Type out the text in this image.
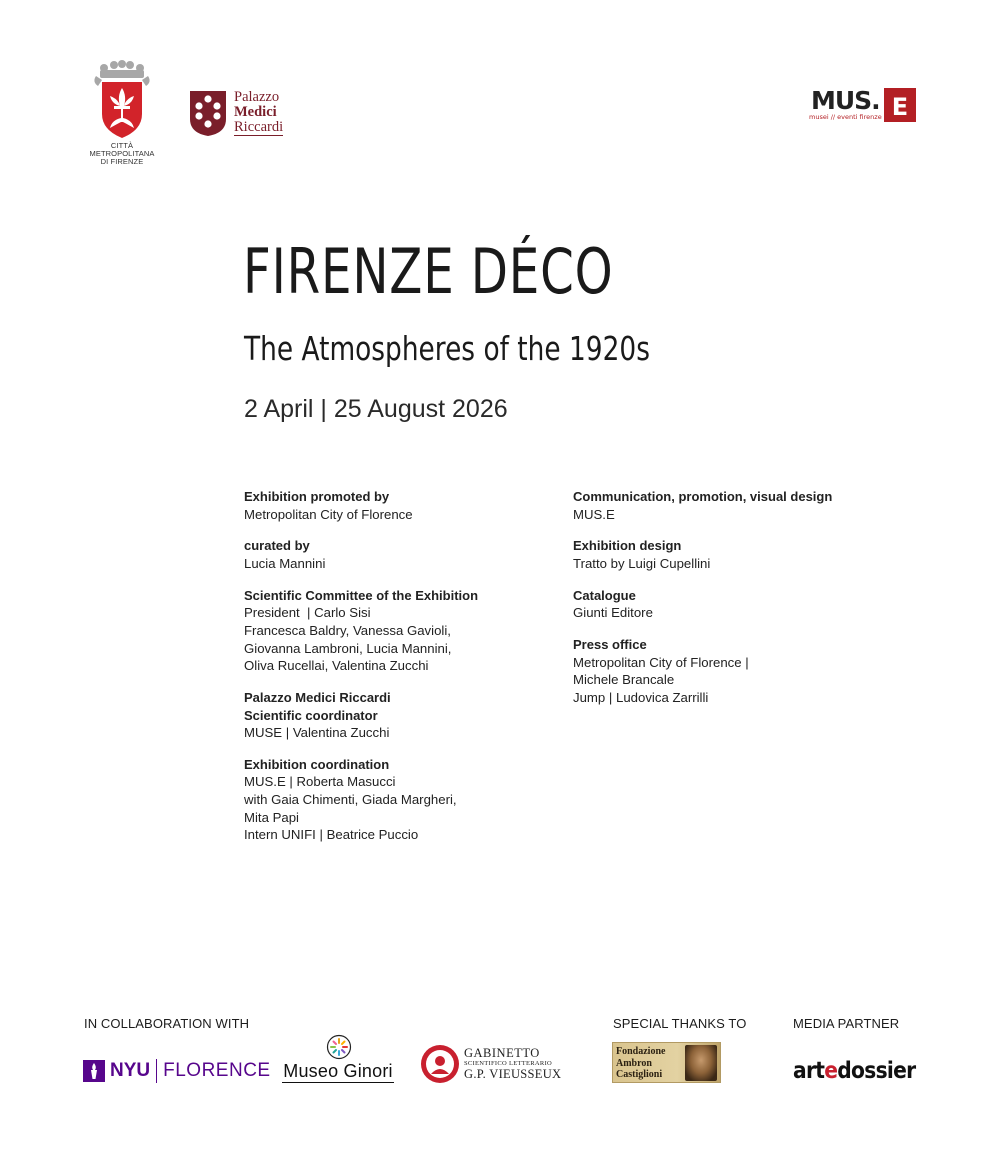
CITTÀ METROPOLITANA
DI FIRENZE
Palazzo
Medici
Riccardi
MUS. E
musei // eventi firenze
FIRENZE DÉCO
The Atmospheres of the 1920s
2 April | 25 August 2026
Exhibition promoted by
Metropolitan City of Florence
curated by
Lucia Mannini
Scientific Committee of the Exhibition
President  | Carlo Sisi
Francesca Baldry, Vanessa Gavioli,
Giovanna Lambroni, Lucia Mannini,
Oliva Rucellai, Valentina Zucchi
Palazzo Medici Riccardi
Scientific coordinator
MUSE | Valentina Zucchi
Exhibition coordination
MUS.E | Roberta Masucci
with Gaia Chimenti, Giada Margheri,
Mita Papi
Intern UNIFI | Beatrice Puccio
Communication, promotion, visual design
MUS.E
Exhibition design
Tratto by Luigi Cupellini
Catalogue
Giunti Editore
Press office
Metropolitan City of Florence |
Michele Brancale
Jump | Ludovica Zarrilli
IN COLLABORATION WITH	SPECIAL THANKS TO	MEDIA PARTNER
NYU FLORENCE Museo Ginori
GABINETTO
SCIENTIFICO LETTERARIO
G.P. VIEUSSEUX
Fondazione
Ambron
Castiglioni	artedossier
